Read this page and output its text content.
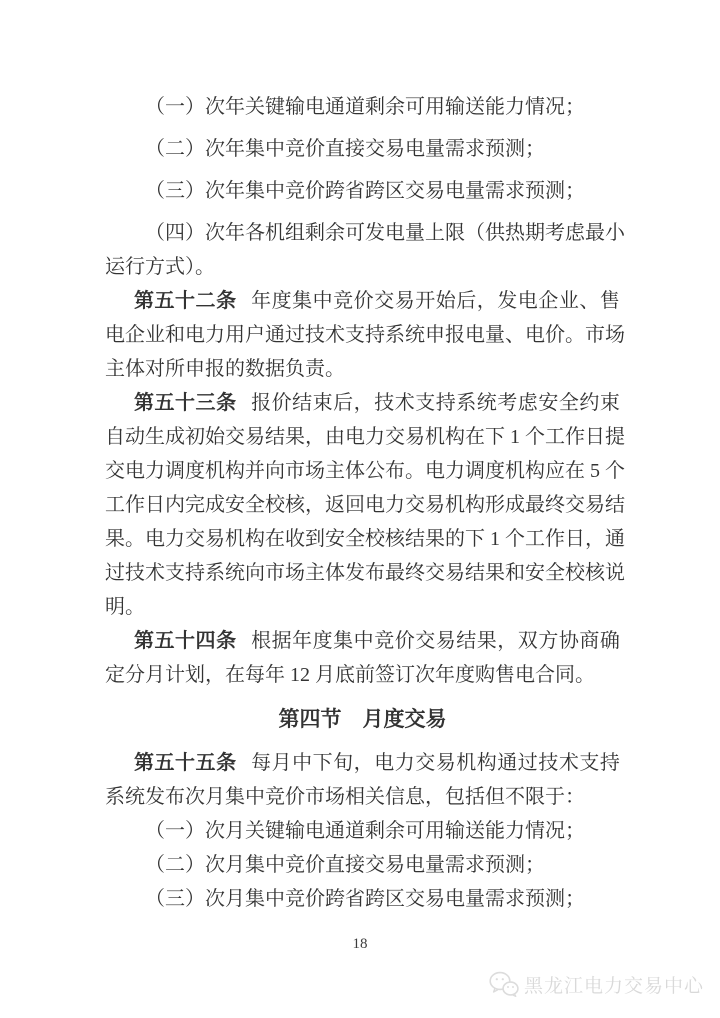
（一）次年关键输电通道剩余可用输送能力情况；
（二）次年集中竞价直接交易电量需求预测；
（三）次年集中竞价跨省跨区交易电量需求预测；
（ 四 ） 次 年 各 机 组 剩 余 可 发 电 量 上 限 （ 供 热 期 考 虑 最 小
运行方式）。
第 五 十 二 条 年 度 集 中 竞 价 交 易 开 始 后 ， 发 电 企 业 、 售
电 企 业 和 电 力 用 户 通 过 技 术 支 持 系 统 申 报 电 量 、 电 价 。 市 场
主体对所申报的数据负责。
第 五 十 三 条 报 价 结 束 后 ， 技 术 支 持 系 统 考 虑 安 全 约 束
自 动 生 成 初 始 交 易 结 果 ， 由 电 力 交 易 机 构 在 下 1 个 工 作 日 提
交 电 力 调 度 机 构 并 向 市 场 主 体 公 布 。 电 力 调 度 机 构 应 在 5 个
工 作 日 内 完 成 安 全 校 核 ， 返 回 电 力 交 易 机 构 形 成 最 终 交 易 结
果 。 电 力 交 易 机 构 在 收 到 安 全 校 核 结 果 的 下 1 个 工 作 日 ， 通
过 技 术 支 持 系 统 向 市 场 主 体 发 布 最 终 交 易 结 果 和 安 全 校 核 说
明。
第 五 十 四 条 根 据 年 度 集 中 竞 价 交 易 结 果 ， 双 方 协 商 确
定分月计划，在每年 12 月底前签订次年度购售电合同。
第四节　月度交易
第 五 十 五 条 每 月 中 下 旬 ， 电 力 交 易 机 构 通 过 技 术 支 持
系统发布次月集中竞价市场相关信息，包括但不限于：
（一）次月关键输电通道剩余可用输送能力情况；
（二）次月集中竞价直接交易电量需求预测；
（三）次月集中竞价跨省跨区交易电量需求预测；
18
黑龙江电力交易中心
